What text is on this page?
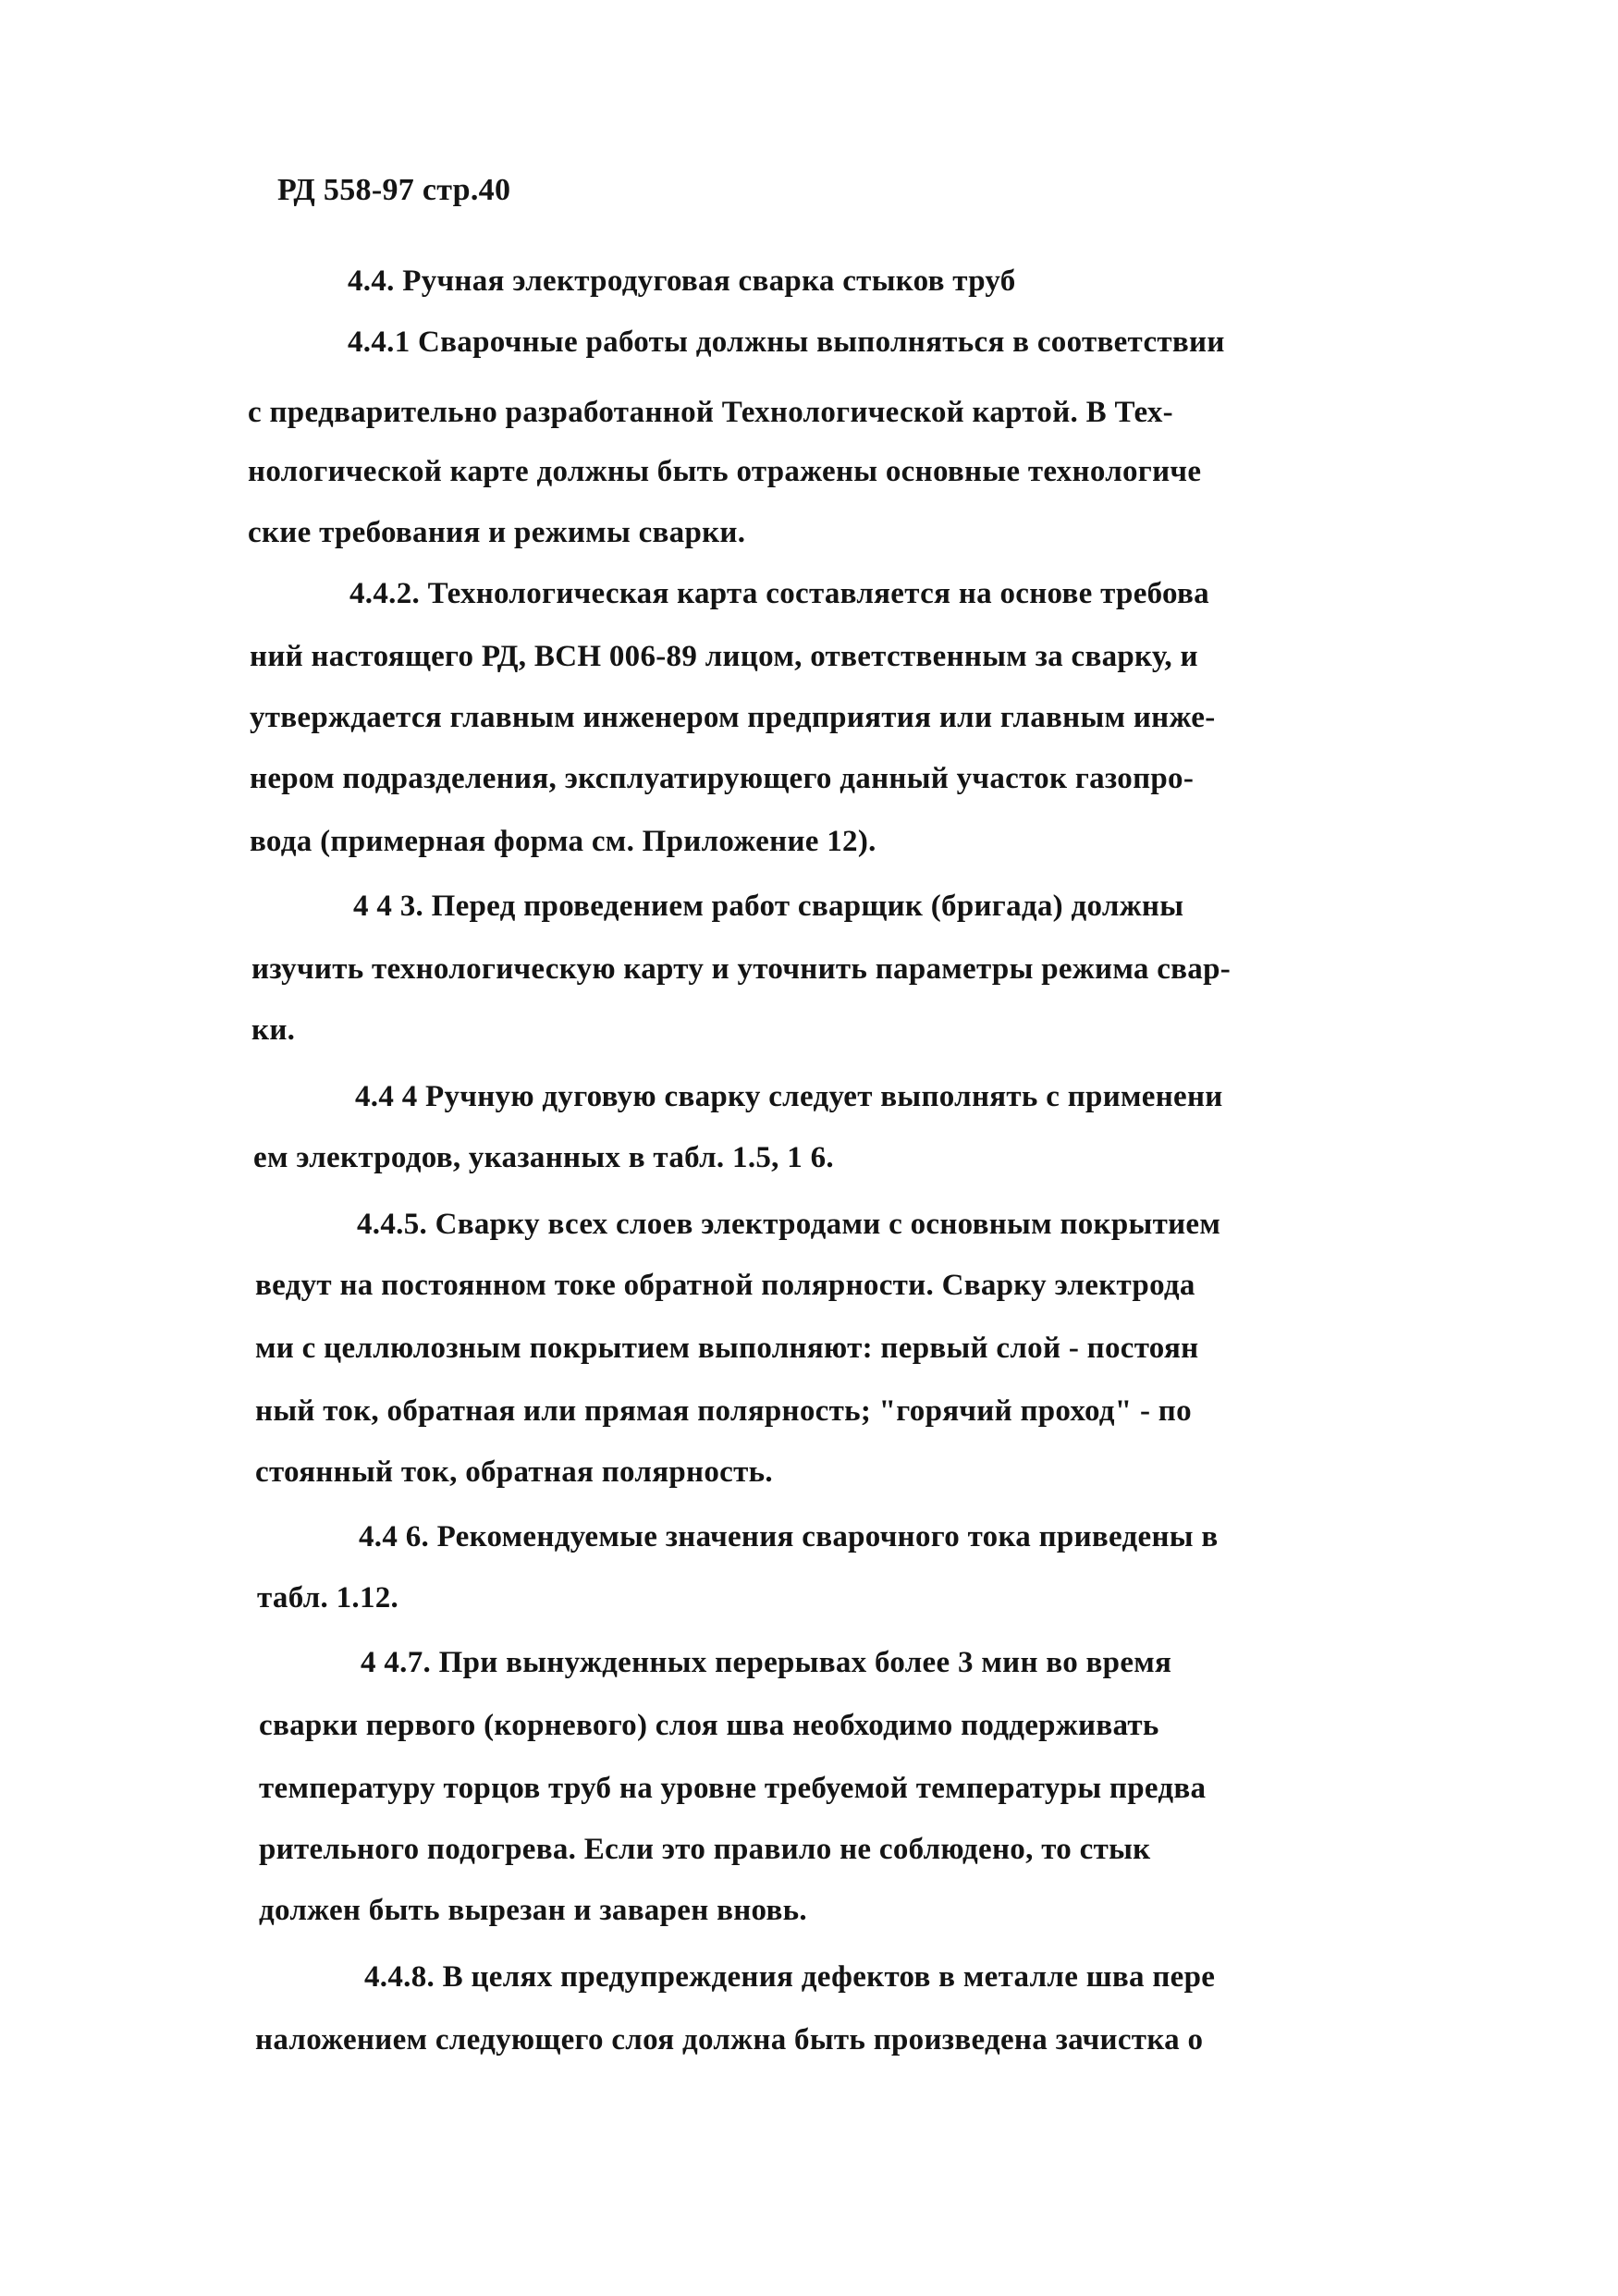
РД 558-97 стр.40
4.4. Ручная электродуговая сварка стыков труб
4.4.1 Сварочные работы должны выполняться в соответствии
с предварительно разработанной Технологической картой. В Тех-
нологической карте должны быть отражены основные технологиче
ские требования и режимы сварки.
4.4.2. Технологическая карта составляется на основе требова
ний настоящего РД, ВСН 006-89 лицом, ответственным за сварку, и
утверждается главным инженером предприятия или главным инже-
нером подразделения, эксплуатирующего данный участок газопро-
вода (примерная форма см. Приложение 12).
4 4 3. Перед проведением работ сварщик (бригада) должны
изучить технологическую карту и уточнить параметры режима свар-
ки.
4.4 4 Ручную дуговую сварку следует выполнять с применени
ем электродов, указанных в табл. 1.5, 1 6.
4.4.5. Сварку всех слоев электродами с основным покрытием
ведут на постоянном токе обратной полярности. Сварку электрода
ми с целлюлозным покрытием выполняют: первый слой - постоян
ный ток, обратная или прямая полярность; "горячий проход" - по
стоянный ток, обратная полярность.
4.4 6. Рекомендуемые значения сварочного тока приведены в
табл. 1.12.
4 4.7. При вынужденных перерывах более 3 мин во время
сварки первого (корневого) слоя шва необходимо поддерживать
температуру торцов труб на уровне требуемой температуры предва
рительного подогрева. Если это правило не соблюдено, то стык
должен быть вырезан и заварен вновь.
4.4.8. В целях предупреждения дефектов в металле шва пере
наложением следующего слоя должна быть произведена зачистка о
